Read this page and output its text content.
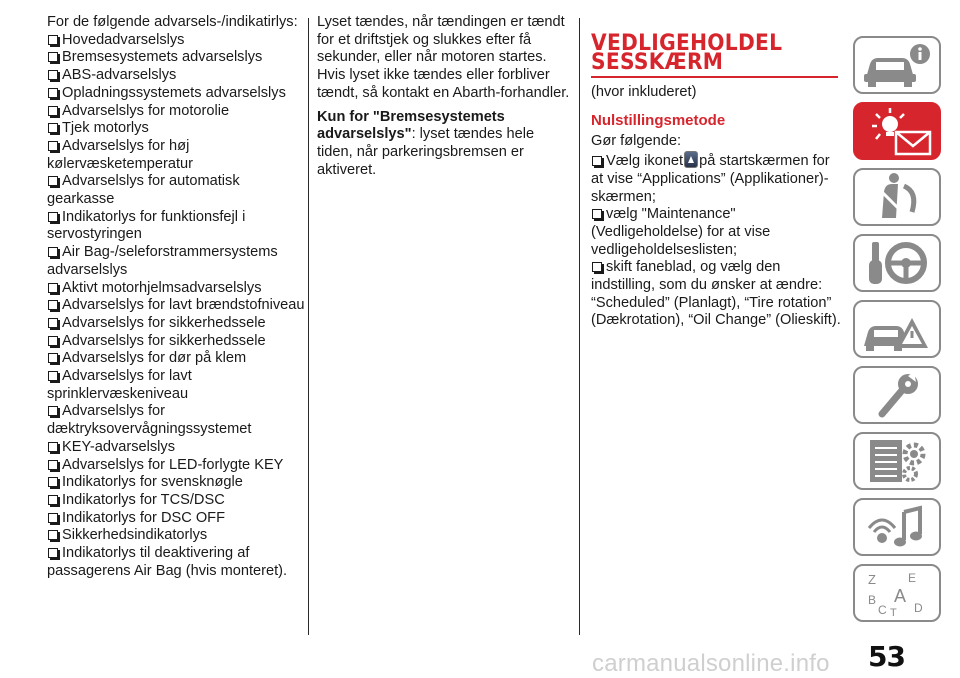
For de følgende advarsels-/indikatirlys:
Hovedadvarselslys
Bremsesystemets advarselslys
ABS-advarselslys
Opladningssystemets advarselslys
Advarselslys for motorolie
Tjek motorlys
Advarselslys for høj kølervæsketemperatur
Advarselslys for automatisk gearkasse
Indikatorlys for funktionsfejl i servostyringen
Air Bag-/seleforstrammersystems advarselslys
Aktivt motorhjelmsadvarselslys
Advarselslys for lavt brændstofniveau
Advarselslys for sikkerhedssele
Advarselslys for sikkerhedssele
Advarselslys for dør på klem
Advarselslys for lavt sprinklervæskeniveau
Advarselslys for dæktryksovervågningssystemet
KEY-advarselslys
Advarselslys for LED-forlygte KEY
Indikatorlys for svensknøgle
Indikatorlys for TCS/DSC
Indikatorlys for DSC OFF
Sikkerhedsindikatorlys
Indikatorlys til deaktivering af passagerens Air Bag (hvis monteret).

Lyset tændes, når tændingen er tændt for et driftstjek og slukkes efter få sekunder, eller når motoren startes. Hvis lyset ikke tændes eller forbliver tændt, så kontakt en Abarth-forhandler.

Kun for "Bremsesystemets advarselslys": lyset tændes hele tiden, når parkeringsbremsen er aktiveret.

VEDLIGEHOLDEL
SESSKÆRM
(hvor inkluderet)
Nulstillingsmetode
Gør følgende:
Vælg ikonet på startskærmen for at vise “Applications” (Applikationer)-skærmen;
vælg "Maintenance" (Vedligeholdelse) for at vise vedligeholdelseslisten;
skift faneblad, og vælg den indstilling, som du ønsker at ændre: “Scheduled” (Planlagt), “Tire rotation” (Dækrotation), “Oil Change” (Olieskift).
Z	E
B A
C T D
53
carmanualsonline.info
